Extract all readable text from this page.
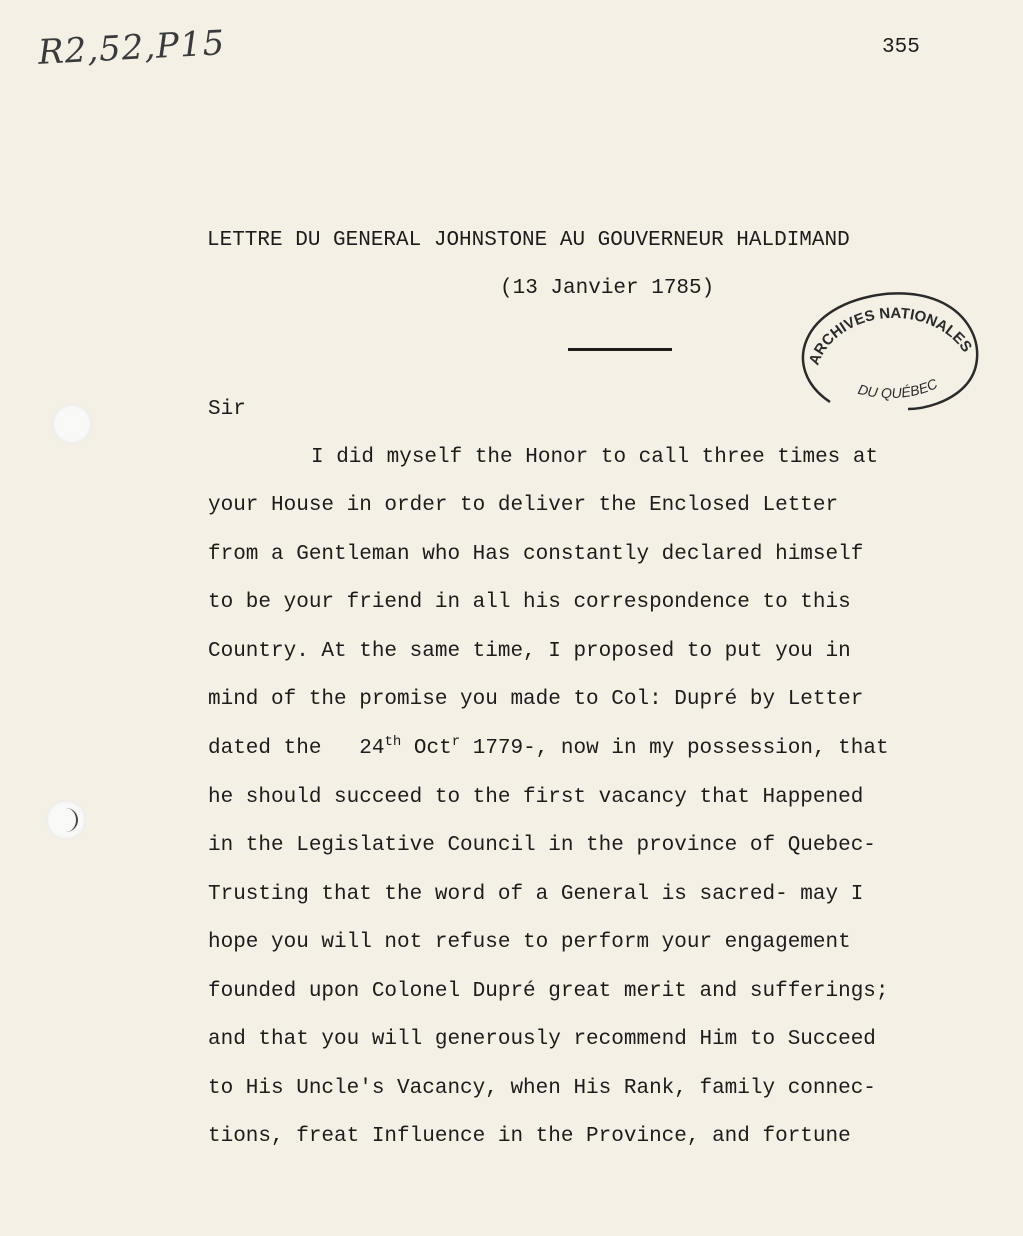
R2,52,P15	355
LETTRE DU GENERAL JOHNSTONE AU GOUVERNEUR HALDIMAND
(13 Janvier 1785)
ARCHIVES NATIONALES
DU QUÉBEC
Sir
I did myself the Honor to call three times at
your House in order to deliver the Enclosed Letter
from a Gentleman who Has constantly declared himself
to be your friend in all his correspondence to this
Country. At the same time, I proposed to put you in
mind of the promise you made to Col: Dupré by Letter
dated the 24th Oct$^r$ 1779-, now in my possession, that
he should succeed to the first vacancy that Happened
in the Legislative Council in the province of Quebec-
Trusting that the word of a General is sacred- may I
hope you will not refuse to perform your engagement
founded upon Colonel Dupré great merit and sufferings;
and that you will generously recommend Him to Succeed
to His Uncle's Vacancy, when His Rank, family connec-
tions, freat Influence in the Province, and fortune
